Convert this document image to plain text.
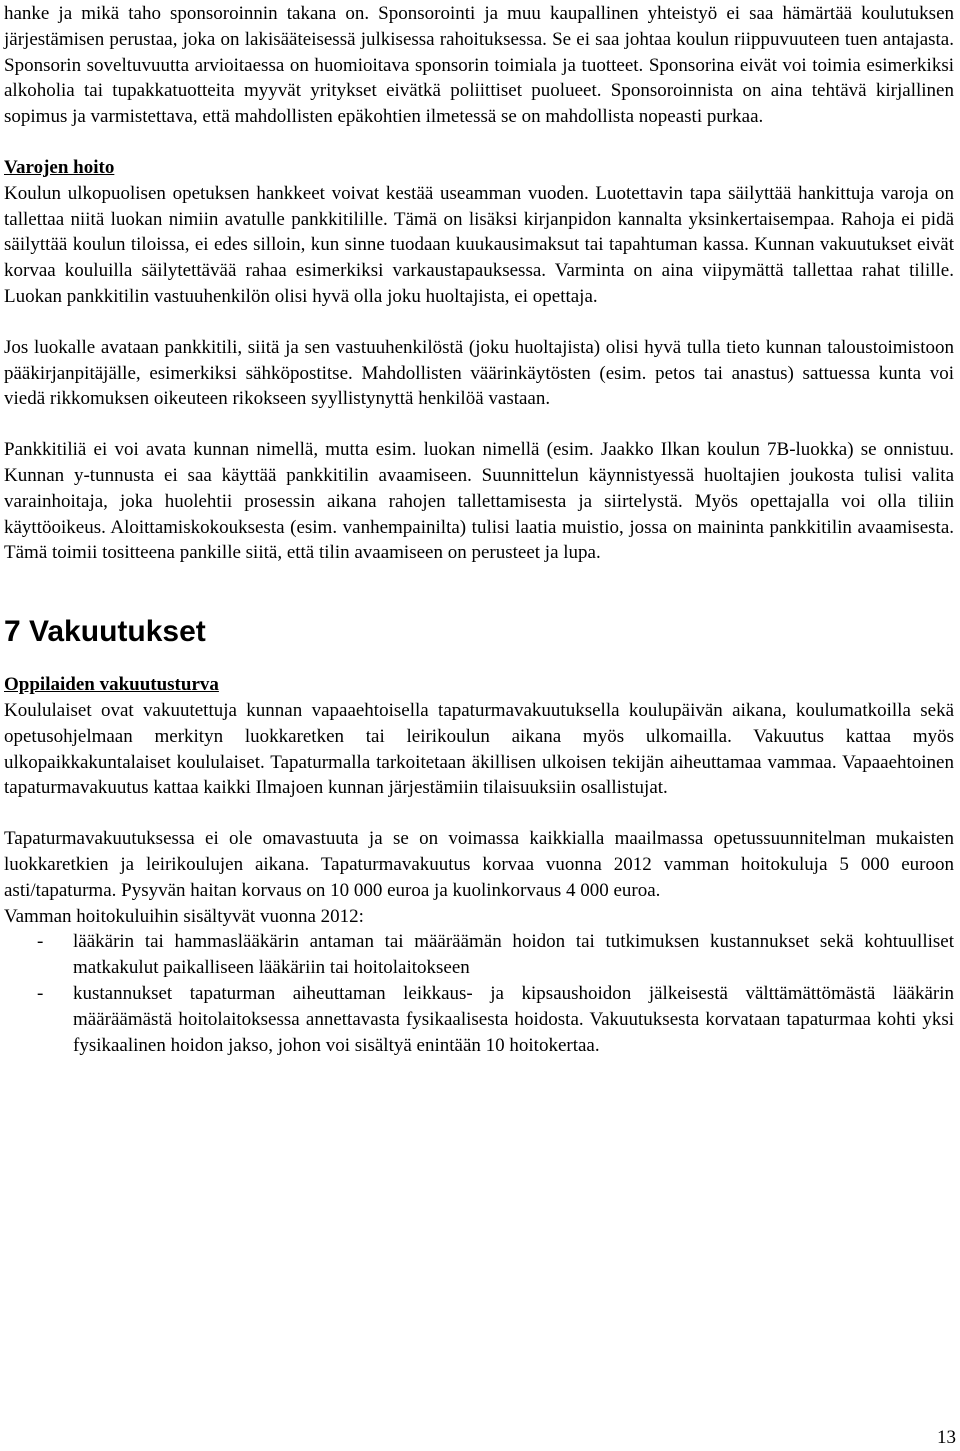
hanke ja mikä taho sponsoroinnin takana on. Sponsorointi ja muu kaupallinen yhteistyö ei saa hämärtää koulutuksen järjestämisen perustaa, joka on lakisääteisessä julkisessa rahoituksessa. Se ei saa johtaa koulun riippuvuuteen tuen antajasta. Sponsorin soveltuvuutta arvioitaessa on huomioitava sponsorin toimiala ja tuotteet. Sponsorina eivät voi toimia esimerkiksi alkoholia tai tupakkatuotteita myyvät yritykset eivätkä poliittiset puolueet. Sponsoroinnista on aina tehtävä kirjallinen sopimus ja varmistettava, että mahdollisten epäkohtien ilmetessä se on mahdollista nopeasti purkaa.

Varojen hoito

Koulun ulkopuolisen opetuksen hankkeet voivat kestää useamman vuoden. Luotettavin tapa säilyttää hankittuja varoja on tallettaa niitä luokan nimiin avatulle pankkitilille. Tämä on lisäksi kirjanpidon kannalta yksinkertaisempaa. Rahoja ei pidä säilyttää koulun tiloissa, ei edes silloin, kun sinne tuodaan kuukausimaksut tai tapahtuman kassa. Kunnan vakuutukset eivät korvaa kouluilla säilytettävää rahaa esimerkiksi varkaustapauksessa. Varminta on aina viipymättä tallettaa rahat tilille. Luokan pankkitilin vastuuhenkilön olisi hyvä olla joku huoltajista, ei opettaja.

Jos luokalle avataan pankkitili, siitä ja sen vastuuhenkilöstä (joku huoltajista) olisi hyvä tulla tieto kunnan taloustoimistoon pääkirjanpitäjälle, esimerkiksi sähköpostitse. Mahdollisten väärinkäytösten (esim. petos tai anastus) sattuessa kunta voi viedä rikkomuksen oikeuteen rikokseen syyllistynyttä henkilöä vastaan.

Pankkitiliä ei voi avata kunnan nimellä, mutta esim. luokan nimellä (esim. Jaakko Ilkan koulun 7B-luokka) se onnistuu. Kunnan y-tunnusta ei saa käyttää pankkitilin avaamiseen. Suunnittelun käynnistyessä huoltajien joukosta tulisi valita varainhoitaja, joka huolehtii prosessin aikana rahojen tallettamisesta ja siirtelystä. Myös opettajalla voi olla tiliin käyttöoikeus. Aloittamiskokouksesta (esim. vanhempainilta) tulisi laatia muistio, jossa on maininta pankkitilin avaamisesta. Tämä toimii tositteena pankille siitä, että tilin avaamiseen on perusteet ja lupa.

7 Vakuutukset

Oppilaiden vakuutusturva

Koululaiset ovat vakuutettuja kunnan vapaaehtoisella tapaturmavakuutuksella koulupäivän aikana, koulumatkoilla sekä opetusohjelmaan merkityn luokkaretken tai leirikoulun aikana myös ulkomailla. Vakuutus kattaa myös ulkopaikkakuntalaiset koululaiset. Tapaturmalla tarkoitetaan äkillisen ulkoisen tekijän aiheuttamaa vammaa. Vapaaehtoinen tapaturmavakuutus kattaa kaikki Ilmajoen kunnan järjestämiin tilaisuuksiin osallistujat.

Tapaturmavakuutuksessa ei ole omavastuuta ja se on voimassa kaikkialla maailmassa opetussuunnitelman mukaisten luokkaretkien ja leirikoulujen aikana. Tapaturmavakuutus korvaa vuonna 2012 vamman hoitokuluja 5 000 euroon asti/tapaturma. Pysyvän haitan korvaus on 10 000 euroa ja kuolinkorvaus 4 000 euroa.

Vamman hoitokuluihin sisältyvät vuonna 2012:

- lääkärin tai hammaslääkärin antaman tai määräämän hoidon tai tutkimuksen kustannukset sekä kohtuulliset matkakulut paikalliseen lääkäriin tai hoitolaitokseen
- kustannukset tapaturman aiheuttaman leikkaus- ja kipsaushoidon jälkeisestä välttämättömästä lääkärin määräämästä hoitolaitoksessa annettavasta fysikaalisesta hoidosta. Vakuutuksesta korvataan tapaturmaa kohti yksi fysikaalinen hoidon jakso, johon voi sisältyä enintään 10 hoitokertaa.
13
